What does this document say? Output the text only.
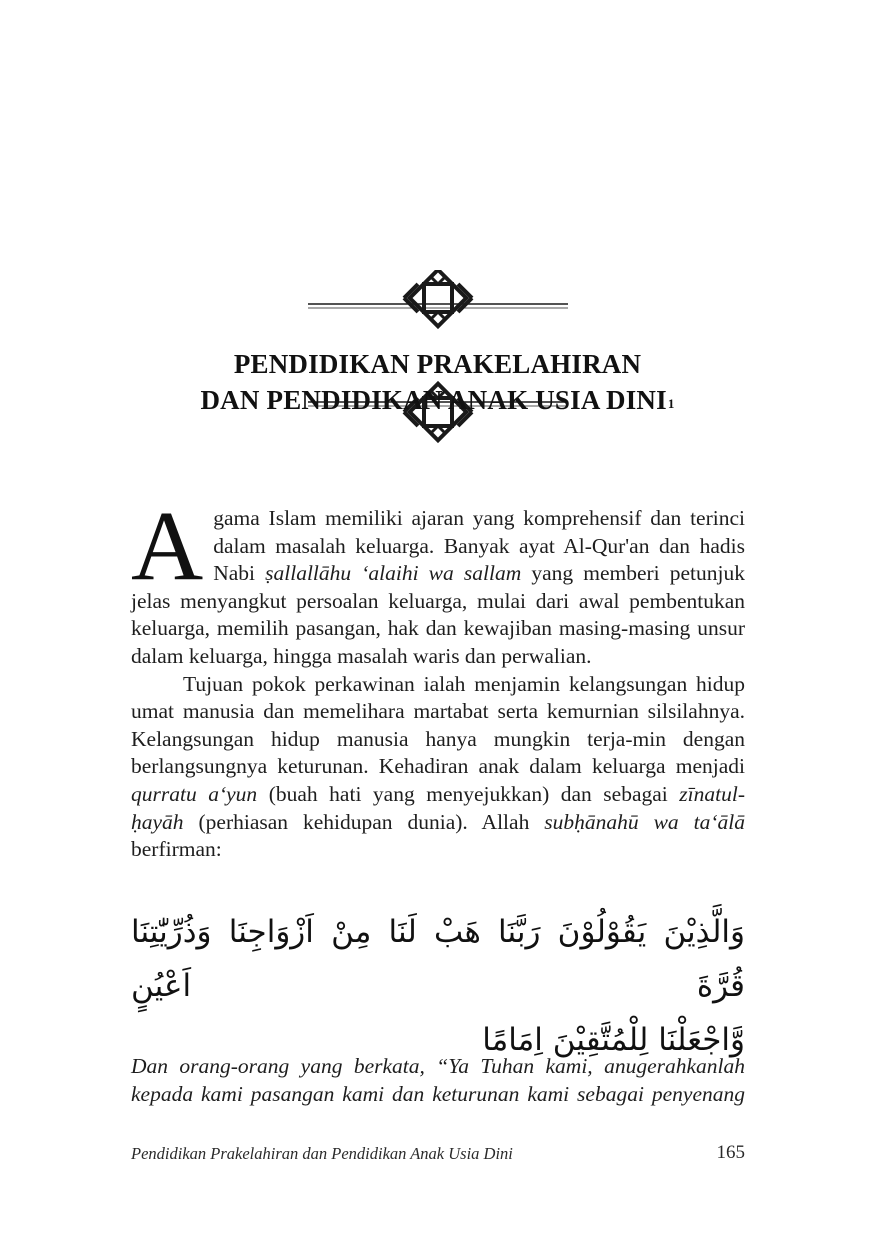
PENDIDIKAN PRAKELAHIRAN
DAN PENDIDIKAN ANAK USIA DINI$^1$

Agama Islam memiliki ajaran yang komprehensif dan terinci dalam masalah keluarga. Banyak ayat Al-Qur'an dan hadis Nabi ṣallallāhu ‘alaihi wa sallam yang memberi petunjuk jelas menyangkut persoalan keluarga, mulai dari awal pembentukan keluarga, memilih pasangan, hak dan kewajiban masing-masing unsur dalam keluarga, hingga masalah waris dan perwalian.

Tujuan pokok perkawinan ialah menjamin kelangsungan hidup umat manusia dan memelihara martabat serta kemurnian silsilahnya. Kelangsungan hidup manusia hanya mungkin terja-min dengan berlangsungnya keturunan. Kehadiran anak dalam keluarga menjadi qurratu a‘yun (buah hati yang menyejukkan) dan sebagai zīnatul-ḥayāh (perhiasan kehidupan dunia). Allah subḥānahū wa ta‘ālā berfirman:

وَالَّذِيْنَ يَقُوْلُوْنَ رَبَّنَا هَبْ لَنَا مِنْ اَزْوَاجِنَا وَذُرِّيّٰتِنَا قُرَّةَ اَعْيُنٍ
وَّاجْعَلْنَا لِلْمُتَّقِيْنَ اِمَامًا

Dan orang-orang yang berkata, “Ya Tuhan kami, anugerahkanlah kepada kami pasangan kami dan keturunan kami sebagai penyenang

Pendidikan Prakelahiran dan Pendidikan Anak Usia Dini	165
